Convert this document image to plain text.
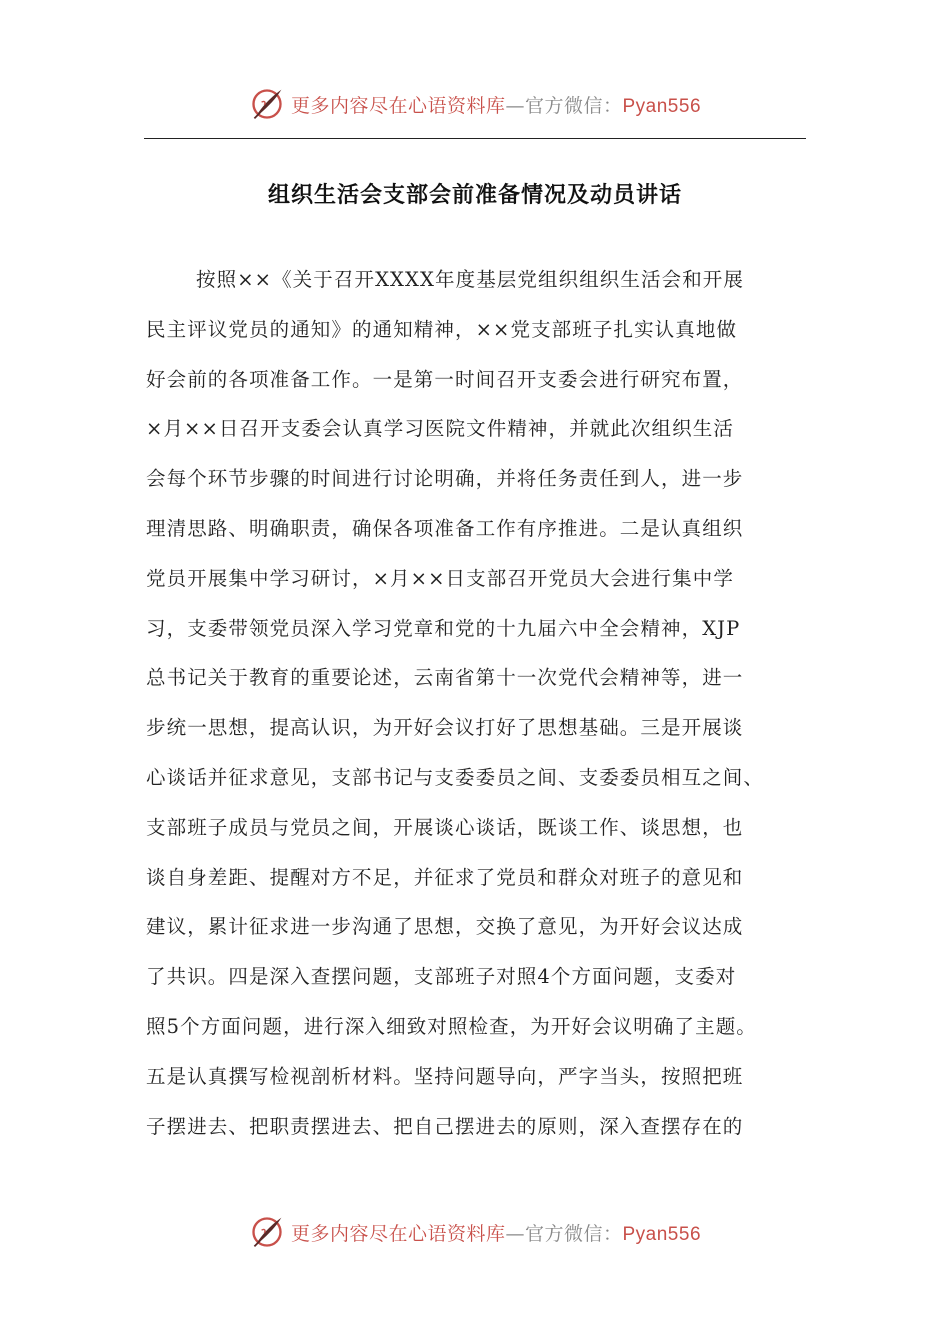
更多内容尽在心语资料库—官方微信：Pyan556
组织生活会支部会前准备情况及动员讲话
按照××《关于召开XXXX年度基层党组织组织生活会和开展
民主评议党员的通知》的通知精神，××党支部班子扎实认真地做
好会前的各项准备工作。一是第一时间召开支委会进行研究布置，
×月××日召开支委会认真学习医院文件精神，并就此次组织生活
会每个环节步骤的时间进行讨论明确，并将任务责任到人，进一步
理清思路、明确职责，确保各项准备工作有序推进。二是认真组织
党员开展集中学习研讨，×月××日支部召开党员大会进行集中学
习，支委带领党员深入学习党章和党的十九届六中全会精神，XJP
总书记关于教育的重要论述，云南省第十一次党代会精神等，进一
步统一思想，提高认识，为开好会议打好了思想基础。三是开展谈
心谈话并征求意见，支部书记与支委委员之间、支委委员相互之间、
支部班子成员与党员之间，开展谈心谈话，既谈工作、谈思想，也
谈自身差距、提醒对方不足，并征求了党员和群众对班子的意见和
建议，累计征求进一步沟通了思想，交换了意见，为开好会议达成
了共识。四是深入查摆问题，支部班子对照4个方面问题，支委对
照5个方面问题，进行深入细致对照检查，为开好会议明确了主题。
五是认真撰写检视剖析材料。坚持问题导向，严字当头，按照把班
子摆进去、把职责摆进去、把自己摆进去的原则，深入查摆存在的
更多内容尽在心语资料库—官方微信：Pyan556
